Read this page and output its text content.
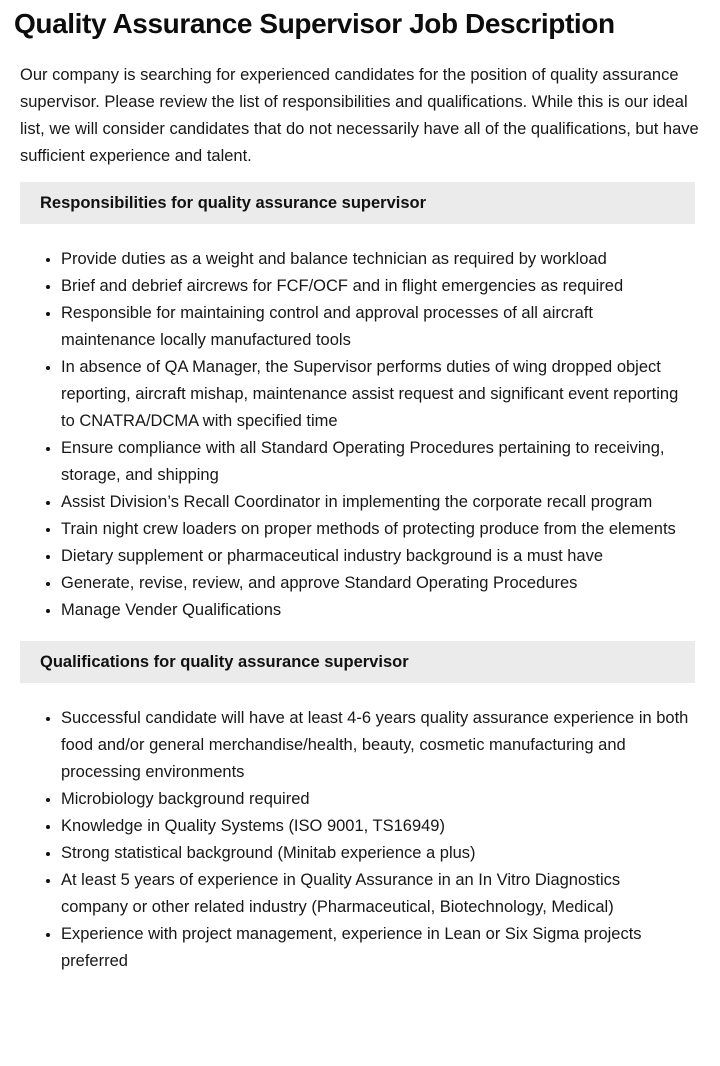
Quality Assurance Supervisor Job Description

Our company is searching for experienced candidates for the position of quality assurance supervisor. Please review the list of responsibilities and qualifications. While this is our ideal list, we will consider candidates that do not necessarily have all of the qualifications, but have sufficient experience and talent.

Responsibilities for quality assurance supervisor
• Provide duties as a weight and balance technician as required by workload
• Brief and debrief aircrews for FCF/OCF and in flight emergencies as required
• Responsible for maintaining control and approval processes of all aircraft maintenance locally manufactured tools
• In absence of QA Manager, the Supervisor performs duties of wing dropped object reporting, aircraft mishap, maintenance assist request and significant event reporting to CNATRA/DCMA with specified time
• Ensure compliance with all Standard Operating Procedures pertaining to receiving, storage, and shipping
• Assist Division’s Recall Coordinator in implementing the corporate recall program
• Train night crew loaders on proper methods of protecting produce from the elements
• Dietary supplement or pharmaceutical industry background is a must have
• Generate, revise, review, and approve Standard Operating Procedures
• Manage Vender Qualifications
Qualifications for quality assurance supervisor
• Successful candidate will have at least 4-6 years quality assurance experience in both food and/or general merchandise/health, beauty, cosmetic manufacturing and processing environments
• Microbiology background required
• Knowledge in Quality Systems (ISO 9001, TS16949)
• Strong statistical background (Minitab experience a plus)
• At least 5 years of experience in Quality Assurance in an In Vitro Diagnostics company or other related industry (Pharmaceutical, Biotechnology, Medical)
• Experience with project management, experience in Lean or Six Sigma projects preferred
